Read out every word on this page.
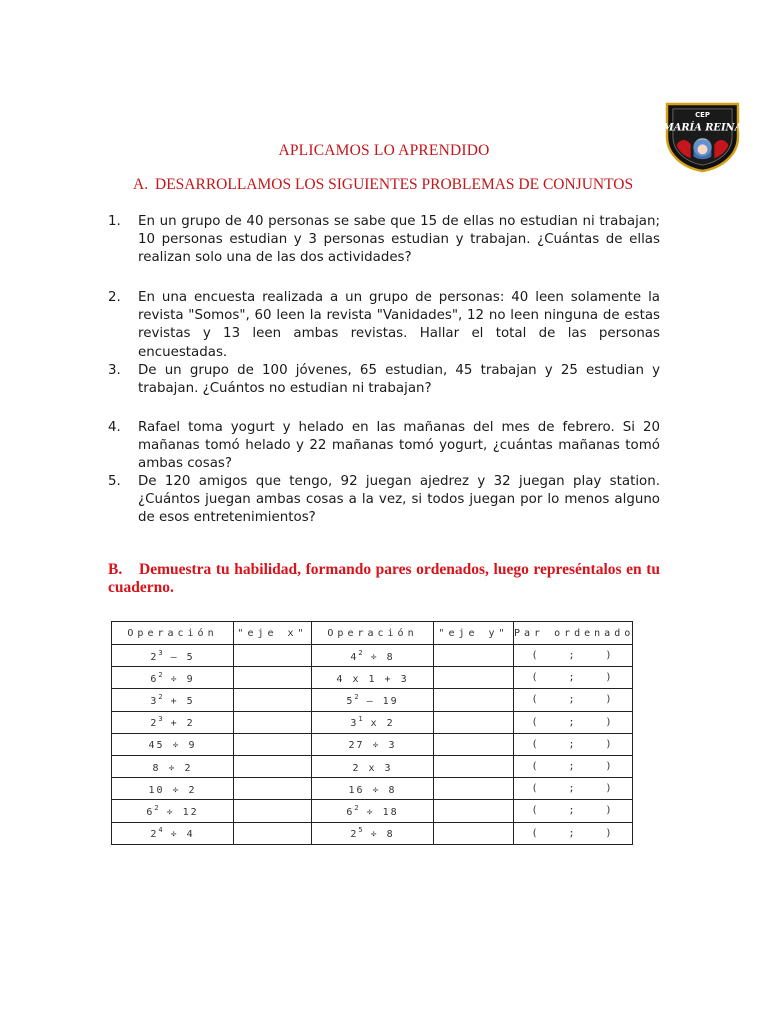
CEP
MARÍA REINA
APLICAMOS LO APRENDIDO
A. DESARROLLAMOS LOS SIGUIENTES PROBLEMAS DE CONJUNTOS
1.	En un grupo de 40 personas se sabe que 15 de ellas no estudian ni trabajan; 10 personas estudian y 3 personas estudian y trabajan. ¿Cuántas de ellas realizan solo una de las dos actividades?
2.	En una encuesta realizada a un grupo de personas: 40 leen solamente la revista "Somos", 60 leen la revista "Vanidades", 12 no leen ninguna de estas revistas y 13 leen ambas revistas. Hallar el total de las personas encuestadas.
3.	De un grupo de 100 jóvenes, 65 estudian, 45 trabajan y 25 estudian y trabajan. ¿Cuántos no estudian ni trabajan?
4.	Rafael toma yogurt y helado en las mañanas del mes de febrero. Si 20 mañanas tomó helado y 22 mañanas tomó yogurt, ¿cuántas mañanas tomó ambas cosas?
5.	De 120 amigos que tengo, 92 juegan ajedrez y 32 juegan play station. ¿Cuántos juegan ambas cosas a la vez, si todos juegan por lo menos alguno de esos entretenimientos?
B. Demuestra tu habilidad, formando pares ordenados, luego represéntalos en tu cuaderno.
Operación	"eje x"	Operación	"eje y"	Par ordenado
$2^3 - 5$		$4^2 \div 8$		( ; )
$6^2 \div 9$		4 x 1 + 3		( ; )
$3^2 + 5$		$5^2 - 19$		( ; )
$2^3 + 2$		$3^1$ x 2		( ; )
45 ÷ 9		27 ÷ 3		( ; )
8 ÷ 2		2 x 3		( ; )
10 ÷ 2		16 ÷ 8		( ; )
$6^2 \div 12$		$6^2 \div 18$		( ; )
$2^4 \div 4$		$2^5 \div 8$		( ; )
